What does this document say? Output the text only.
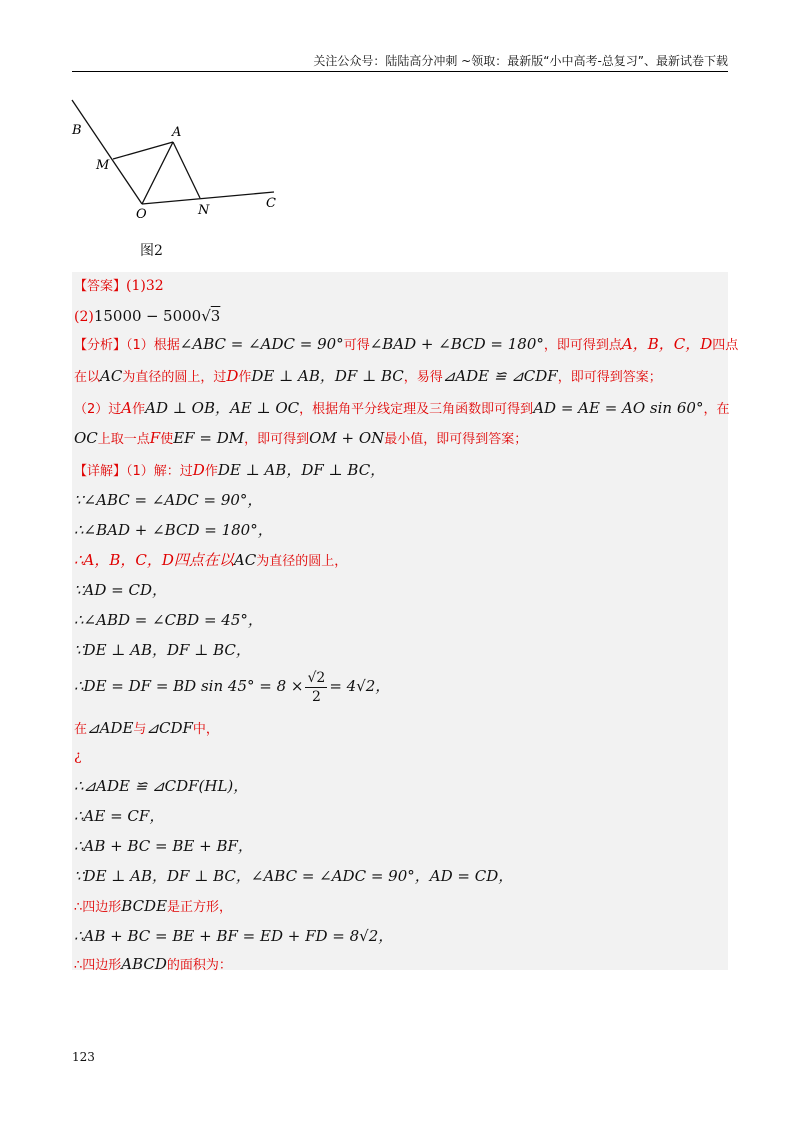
关注公众号：陆陆高分冲刺 ~领取：最新版“小中高考-总复习”、最新试卷下载
B	A
M
O	N	C
图2
【答案】(1)32
(2)15000 − 5000√3
【分析】（1）根据∠ABC = ∠ADC = 90°可得∠BAD + ∠BCD = 180°，即可得到点A，B，C，D四点
在以AC为直径的圆上，过D作DE ⊥ AB，DF ⊥ BC，易得⊿ADE ≌ ⊿CDF，即可得到答案；
（2）过A作AD ⊥ OB，AE ⊥ OC，根据角平分线定理及三角函数即可得到AD = AE = AO sin 60°，在
OC上取一点F使EF = DM，即可得到OM + ON最小值，即可得到答案；
【详解】（1）解：过D作DE ⊥ AB，DF ⊥ BC，
∵∠ABC = ∠ADC = 90°，
∴∠BAD + ∠BCD = 180°，
∴A，B，C，D四点在以AC为直径的圆上，
∵AD = CD，
∴∠ABD = ∠CBD = 45°，
∵DE ⊥ AB，DF ⊥ BC，
∴DE = DF = BD $\sin 45^\circ = 8 \times \frac{√2}{2} = 4√2$，
在⊿ADE与⊿CDF中，
¿
∴⊿ADE ≌ ⊿CDF(HL)，
∴AE = CF，
∴AB + BC = BE + BF，
∵DE ⊥ AB，DF ⊥ BC，∠ABC = ∠ADC = 90°，AD = CD，
∴四边形BCDE是正方形，
∴AB + BC = BE + BF = ED + FD = 8√2，
∴四边形ABCD的面积为：
123
